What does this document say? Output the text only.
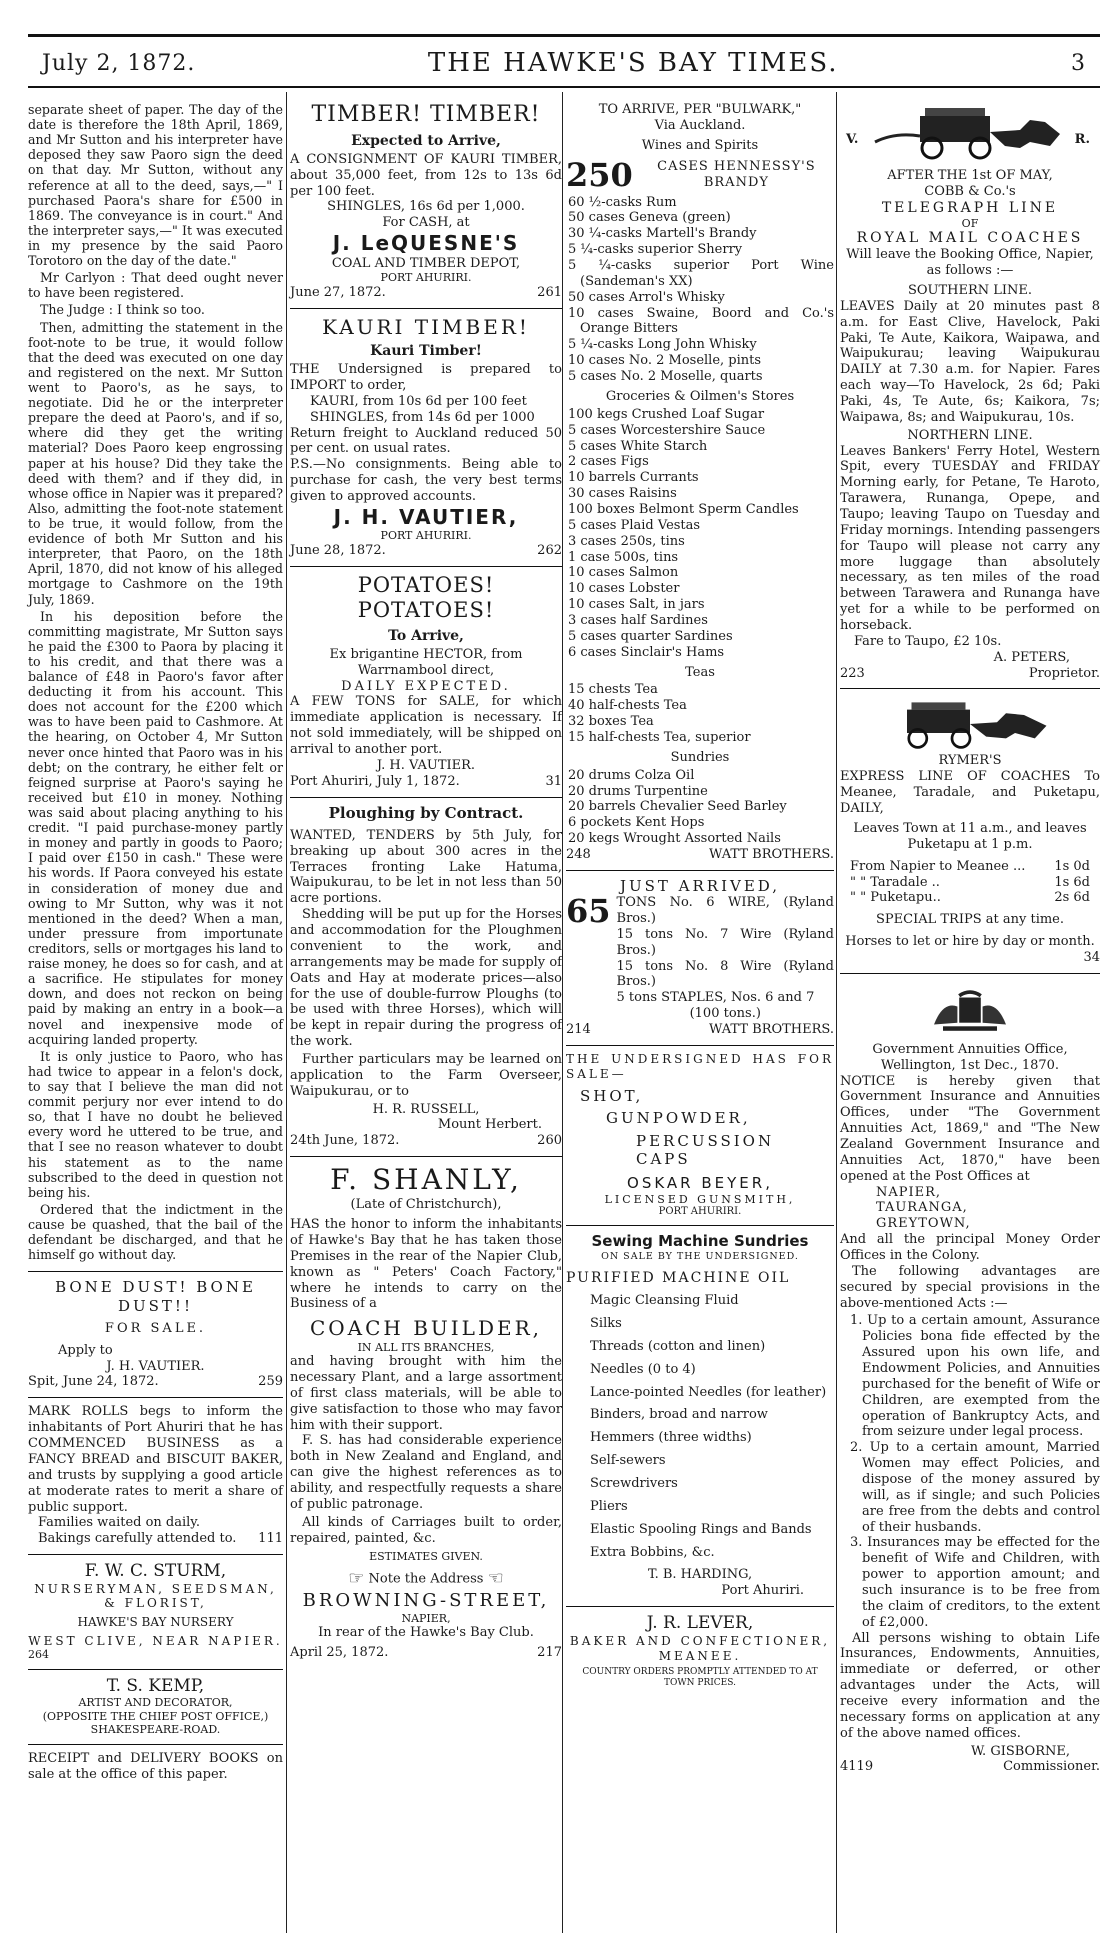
July 2, 1872.	THE HAWKE'S BAY TIMES.	3

separate sheet of paper. The day of the date is therefore the 18th April, 1869, and Mr Sutton and his interpreter have deposed they saw Paoro sign the deed on that day. Mr Sutton, without any reference at all to the deed, says,—" I purchased Paora's share for £500 in 1869. The conveyance is in court." And the interpreter says,—" It was executed in my presence by the said Paoro Torotoro on the day of the date."

Mr Carlyon : That deed ought never to have been registered.

The Judge : I think so too.

Then, admitting the statement in the foot-note to be true, it would follow that the deed was executed on one day and registered on the next. Mr Sutton went to Paoro's, as he says, to negotiate. Did he or the interpreter prepare the deed at Paoro's, and if so, where did they get the writing material? Does Paoro keep engrossing paper at his house? Did they take the deed with them? and if they did, in whose office in Napier was it prepared? Also, admitting the foot-note statement to be true, it would follow, from the evidence of both Mr Sutton and his interpreter, that Paoro, on the 18th April, 1870, did not know of his alleged mortgage to Cashmore on the 19th July, 1869.

In his deposition before the committing magistrate, Mr Sutton says he paid the £300 to Paora by placing it to his credit, and that there was a balance of £48 in Paoro's favor after deducting it from his account. This does not account for the £200 which was to have been paid to Cashmore. At the hearing, on October 4, Mr Sutton never once hinted that Paoro was in his debt; on the contrary, he either felt or feigned surprise at Paoro's saying he received but £10 in money. Nothing was said about placing anything to his credit. "I paid purchase-money partly in money and partly in goods to Paoro; I paid over £150 in cash." These were his words. If Paora conveyed his estate in consideration of money due and owing to Mr Sutton, why was it not mentioned in the deed? When a man, under pressure from importunate creditors, sells or mortgages his land to raise money, he does so for cash, and at a sacrifice. He stipulates for money down, and does not reckon on being paid by making an entry in a book—a novel and inexpensive mode of acquiring landed property.

It is only justice to Paoro, who has had twice to appear in a felon's dock, to say that I believe the man did not commit perjury nor ever intend to do so, that I have no doubt he believed every word he uttered to be true, and that I see no reason whatever to doubt his statement as to the name subscribed to the deed in question not being his.

Ordered that the indictment in the cause be quashed, that the bail of the defendant be discharged, and that he himself go without day.

BONE DUST! BONE DUST!!
FOR SALE.
Apply to
J. H. VAUTIER.
Spit, June 24, 1872.	259
MARK ROLLS begs to inform the inhabitants of Port Ahuriri that he has COMMENCED BUSINESS as a FANCY BREAD and BISCUIT BAKER, and trusts by supplying a good article at moderate rates to merit a share of public support.
Families waited on daily.
Bakings carefully attended to. 111
F. W. C. STURM,
NURSERYMAN, SEEDSMAN, & FLORIST,
HAWKE'S BAY NURSERY
WEST CLIVE, NEAR NAPIER.
264
T. S. KEMP,
ARTIST AND DECORATOR,
(OPPOSITE THE CHIEF POST OFFICE,)
SHAKESPEARE-ROAD.
RECEIPT and DELIVERY BOOKS on sale at the office of this paper.
TIMBER! TIMBER!
Expected to Arrive,
A CONSIGNMENT OF KAURI TIMBER, about 35,000 feet, from 12s to 13s 6d per 100 feet.
SHINGLES, 16s 6d per 1,000.
For CASH, at
J. LeQUESNE'S
COAL AND TIMBER DEPOT,
PORT AHURIRI.
June 27, 1872.	261
KAURI TIMBER!
Kauri Timber!
THE Undersigned is prepared to IMPORT to order,
KAURI, from 10s 6d per 100 feet
SHINGLES, from 14s 6d per 1000
Return freight to Auckland reduced 50 per cent. on usual rates.
P.S.—No consignments. Being able to purchase for cash, the very best terms given to approved accounts.
J. H. VAUTIER,
PORT AHURIRI.
June 28, 1872.	262
POTATOES! POTATOES!
To Arrive,
Ex brigantine HECTOR, from Warrnambool direct,
DAILY EXPECTED.
A FEW TONS for SALE, for which immediate application is necessary. If not sold immediately, will be shipped on arrival to another port.
J. H. VAUTIER.
Port Ahuriri, July 1, 1872.	31
Ploughing by Contract.
WANTED, TENDERS by 5th July, for breaking up about 300 acres in the Terraces fronting Lake Hatuma, Waipukurau, to be let in not less than 50 acre portions.

Shedding will be put up for the Horses and accommodation for the Ploughmen convenient to the work, and arrangements may be made for supply of Oats and Hay at moderate prices—also for the use of double-furrow Ploughs (to be used with three Horses), which will be kept in repair during the progress of the work.

Further particulars may be learned on application to the Farm Overseer, Waipukurau, or to

H. R. RUSSELL,
Mount Herbert.
24th June, 1872.	260
F. SHANLY,
(Late of Christchurch),
HAS the honor to inform the inhabitants of Hawke's Bay that he has taken those Premises in the rear of the Napier Club, known as " Peters' Coach Factory," where he intends to carry on the Business of a
COACH BUILDER,
IN ALL ITS BRANCHES,
and having brought with him the necessary Plant, and a large assortment of first class materials, will be able to give satisfaction to those who may favor him with their support.

F. S. has had considerable experience both in New Zealand and England, and can give the highest references as to ability, and respectfully requests a share of public patronage.

All kinds of Carriages built to order, repaired, painted, &c.

ESTIMATES GIVEN.
☞ Note the Address ☜
BROWNING-STREET,
NAPIER,
In rear of the Hawke's Bay Club.
April 25, 1872.	217
TO ARRIVE, PER "BULWARK,"
Via Auckland.
Wines and Spirits
250	CASES HENNESSY'S BRANDY
60 ½-casks Rum
50 cases Geneva (green)
30 ¼-casks Martell's Brandy
5 ¼-casks superior Sherry
5 ¼-casks superior Port Wine (Sandeman's XX)
50 cases Arrol's Whisky
10 cases Swaine, Boord and Co.'s Orange Bitters
5 ¼-casks Long John Whisky
10 cases No. 2 Moselle, pints
5 cases No. 2 Moselle, quarts
Groceries & Oilmen's Stores
100 kegs Crushed Loaf Sugar
5 cases Worcestershire Sauce
5 cases White Starch
2 cases Figs
10 barrels Currants
30 cases Raisins
100 boxes Belmont Sperm Candles
5 cases Plaid Vestas
3 cases 250s, tins
1 case 500s, tins
10 cases Salmon
10 cases Lobster
10 cases Salt, in jars
3 cases half Sardines
5 cases quarter Sardines
6 cases Sinclair's Hams
Teas
15 chests Tea
40 half-chests Tea
32 boxes Tea
15 half-chests Tea, superior
Sundries
20 drums Colza Oil
20 drums Turpentine
20 barrels Chevalier Seed Barley
6 pockets Kent Hops
20 kegs Wrought Assorted Nails
248	WATT BROTHERS.
JUST ARRIVED,
65 TONS No. 6 WIRE, (Ryland Bros.)
15 tons No. 7 Wire (Ryland Bros.)
15 tons No. 8 Wire (Ryland Bros.)
5 tons STAPLES, Nos. 6 and 7
(100 tons.)
214	WATT BROTHERS.
THE UNDERSIGNED HAS FOR SALE—
SHOT,
GUNPOWDER,
PERCUSSION CAPS
OSKAR BEYER,
LICENSED GUNSMITH,
PORT AHURIRI.
Sewing Machine Sundries
ON SALE BY THE UNDERSIGNED.
PURIFIED MACHINE OIL
Magic Cleansing Fluid
Silks
Threads (cotton and linen)
Needles (0 to 4)
Lance-pointed Needles (for leather)
Binders, broad and narrow
Hemmers (three widths)
Self-sewers
Screwdrivers
Pliers
Elastic Spooling Rings and Bands
Extra Bobbins, &c.
T. B. HARDING,
Port Ahuriri.
J. R. LEVER,
BAKER AND CONFECTIONER,
MEANEE.
COUNTRY ORDERS PROMPTLY ATTENDED TO AT TOWN PRICES.
V.	R.
AFTER THE 1st OF MAY,
COBB & Co.'s
TELEGRAPH LINE
OF
ROYAL MAIL COACHES
Will leave the Booking Office, Napier, as follows :—
SOUTHERN LINE.
LEAVES Daily at 20 minutes past 8 a.m. for East Clive, Havelock, Paki Paki, Te Aute, Kaikora, Waipawa, and Waipukurau; leaving Waipukurau DAILY at 7.30 a.m. for Napier. Fares each way—To Havelock, 2s 6d; Paki Paki, 4s, Te Aute, 6s; Kaikora, 7s; Waipawa, 8s; and Waipukurau, 10s.
NORTHERN LINE.
Leaves Bankers' Ferry Hotel, Western Spit, every TUESDAY and FRIDAY Morning early, for Petane, Te Haroto, Tarawera, Runanga, Opepe, and Taupo; leaving Taupo on Tuesday and Friday mornings. Intending passengers for Taupo will please not carry any more luggage than absolutely necessary, as ten miles of the road between Tarawera and Runanga have yet for a while to be performed on horseback.
Fare to Taupo, £2 10s.
A. PETERS,
223	Proprietor.
RYMER'S
EXPRESS LINE OF COACHES To Meanee, Taradale, and Puketapu, DAILY,
Leaves Town at 11 a.m., and leaves Puketapu at 1 p.m.
From Napier to Meanee ... 1s 0d
" " Taradale ..	1s 6d
" " Puketapu..	2s 6d
SPECIAL TRIPS at any time.
Horses to let or hire by day or month.
34
Government Annuities Office,
Wellington, 1st Dec., 1870.
NOTICE is hereby given that Government Insurance and Annuities Offices, under "The Government Annuities Act, 1869," and "The New Zealand Government Insurance and Annuities Act, 1870," have been opened at the Post Offices at
NAPIER,
TAURANGA,
GREYTOWN,
And all the principal Money Order Offices in the Colony.

The following advantages are secured by special provisions in the above-mentioned Acts :—

1. Up to a certain amount, Assurance Policies bona fide effected by the Assured upon his own life, and Endowment Policies, and Annuities purchased for the benefit of Wife or Children, are exempted from the operation of Bankruptcy Acts, and from seizure under legal process.
2. Up to a certain amount, Married Women may effect Policies, and dispose of the money assured by will, as if single; and such Policies are free from the debts and control of their husbands.
3. Insurances may be effected for the benefit of Wife and Children, with power to apportion amount; and such insurance is to be free from the claim of creditors, to the extent of £2,000.

All persons wishing to obtain Life Insurances, Endowments, Annuities, immediate or deferred, or other advantages under the Acts, will receive every information and the necessary forms on application at any of the above named offices.

W. GISBORNE,
4119	Commissioner.
